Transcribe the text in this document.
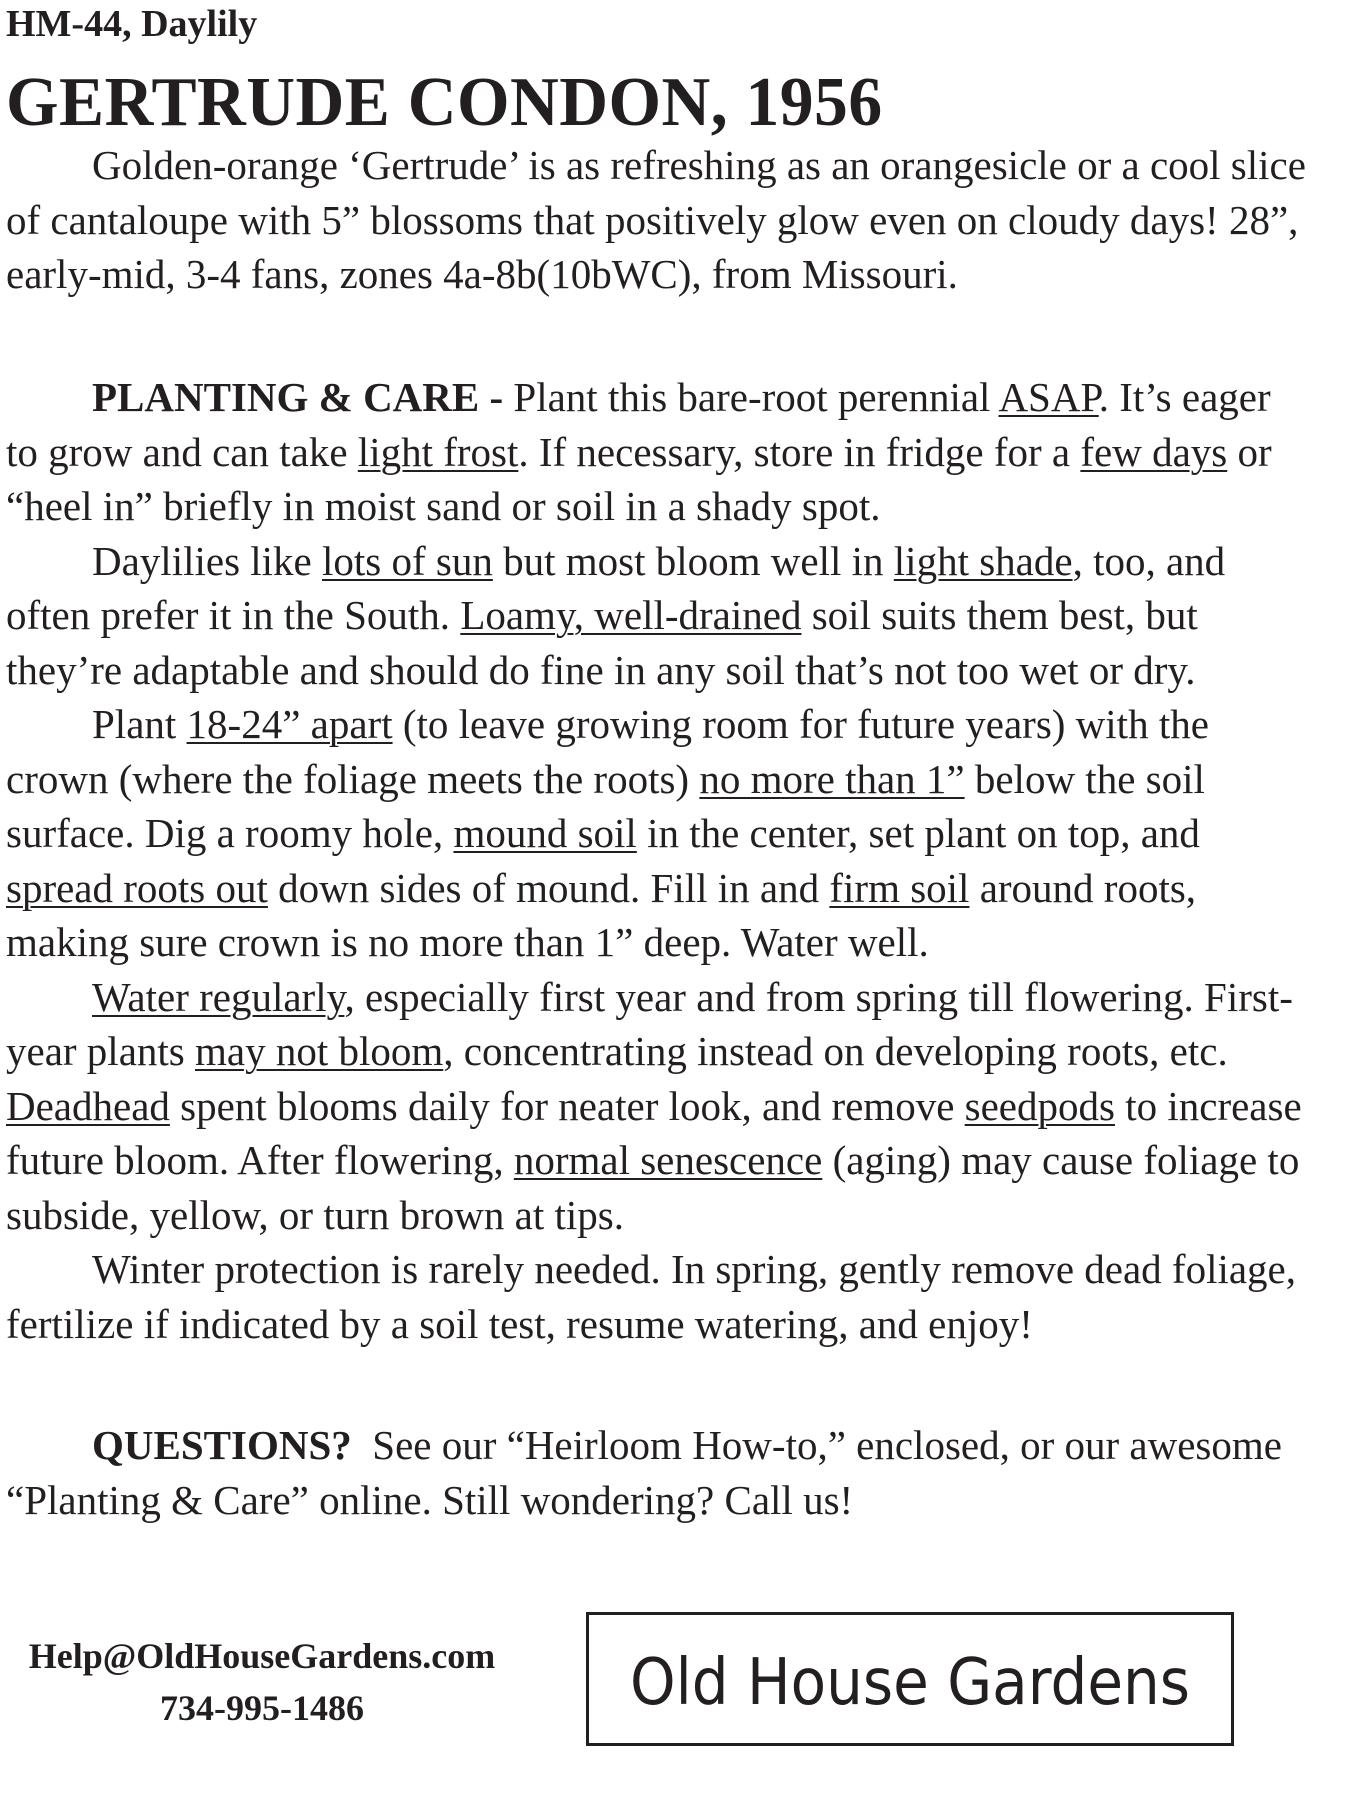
HM-44, Daylily
GERTRUDE CONDON, 1956

Golden-orange ‘Gertrude’ is as refreshing as an orangesicle or a cool slice of cantaloupe with 5” blossoms that positively glow even on cloudy days! 28”, early-mid, 3-4 fans, zones 4a-8b(10bWC), from Missouri.

PLANTING & CARE - Plant this bare-root perennial ASAP. It’s eager to grow and can take light frost. If necessary, store in fridge for a few days or “heel in” briefly in moist sand or soil in a shady spot.

Daylilies like lots of sun but most bloom well in light shade, too, and often prefer it in the South. Loamy, well-drained soil suits them best, but they’re adaptable and should do fine in any soil that’s not too wet or dry.

Plant 18-24” apart (to leave growing room for future years) with the crown (where the foliage meets the roots) no more than 1” below the soil surface. Dig a roomy hole, mound soil in the center, set plant on top, and spread roots out down sides of mound. Fill in and firm soil around roots, making sure crown is no more than 1” deep. Water well.

Water regularly, especially first year and from spring till flowering. First-year plants may not bloom, concentrating instead on developing roots, etc. Deadhead spent blooms daily for neater look, and remove seedpods to increase future bloom. After flowering, normal senescence (aging) may cause foliage to subside, yellow, or turn brown at tips.

Winter protection is rarely needed. In spring, gently remove dead foliage, fertilize if indicated by a soil test, resume watering, and enjoy!

QUESTIONS?  See our “Heirloom How-to,” enclosed, or our awesome “Planting & Care” online. Still wondering? Call us!

Help@OldHouseGardens.com
734-995-1486	Old House Gardens
